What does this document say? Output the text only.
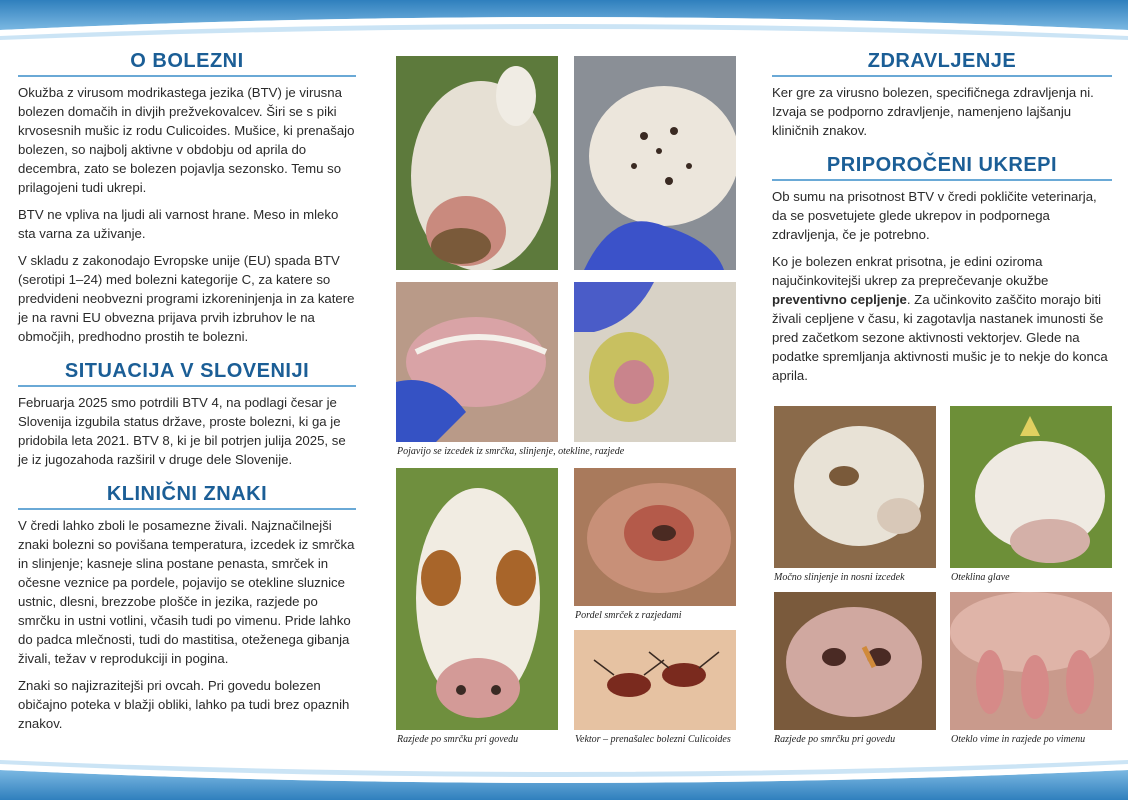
O BOLEZNI

Okužba z virusom modrikastega jezika (BTV) je virusna bolezen domačih in divjih prežvekovalcev. Širi se s piki krvosesnih mušic iz rodu Culicoides. Mušice, ki prenašajo bolezen, so najbolj aktivne v obdobju od aprila do decembra, zato se bolezen pojavlja sezonsko. Temu so prilagojeni tudi ukrepi.

BTV ne vpliva na ljudi ali varnost hrane. Meso in mleko sta varna za uživanje.

V skladu z zakonodajo Evropske unije (EU) spada BTV (serotipi 1–24) med bolezni kategorije C, za katere so predvideni neobvezni programi izkoreninjenja in za katere je na ravni EU obvezna prijava prvih izbruhov le na območjih, predhodno prostih te bolezni.

SITUACIJA V SLOVENIJI

Februarja 2025 smo potrdili BTV 4, na podlagi česar je Slovenija izgubila status države, proste bolezni, ki ga je pridobila leta 2021. BTV 8, ki je bil potrjen julija 2025, se je iz jugozahoda razširil v druge dele Slovenije.

KLINIČNI ZNAKI

V čredi lahko zboli le posamezne živali. Najznačilnejši znaki bolezni so povišana temperatura, izcedek iz smrčka in slinjenje; kasneje slina postane penasta, smrček in očesne veznice pa pordele, pojavijo se otekline sluznice ustnic, dlesni, brezzobe plošče in jezika, razjede po smrčku in ustni votlini, včasih tudi po vimenu. Pride lahko do padca mlečnosti, tudi do mastitisa, oteženega gibanja živali, težav v reprodukciji in pogina.

Znaki so najizrazitejši pri ovcah. Pri govedu bolezen običajno poteka v blažji obliki, lahko pa tudi brez opaznih znakov.

Pojavijo se izcedek iz smrčka, slinjenje, otekline, razjede
Pordel smrček z razjedami
Razjede po smrčku pri govedu	Vektor – prenašalec bolezni Culicoides
ZDRAVLJENJE

Ker gre za virusno bolezen, specifičnega zdravljenja ni. Izvaja se podporno zdravljenje, namenjeno lajšanju kliničnih znakov.

PRIPOROČENI UKREPI

Ob sumu na prisotnost BTV v čredi pokličite veterinarja, da se posvetujete glede ukrepov in podpornega zdravljenja, če je potrebno.

Ko je bolezen enkrat prisotna, je edini oziroma najučinkovitejši ukrep za preprečevanje okužbe preventivno cepljenje. Za učinkovito zaščito morajo biti živali cepljene v času, ki zagotavlja nastanek imunosti še pred začetkom sezone aktivnosti vektorjev. Glede na podatke spremljanja aktivnosti mušic je to nekje do konca aprila.

Močno slinjenje in nosni izcedek	Oteklina glave
Razjede po smrčku pri govedu	Oteklo vime in razjede po vimenu
